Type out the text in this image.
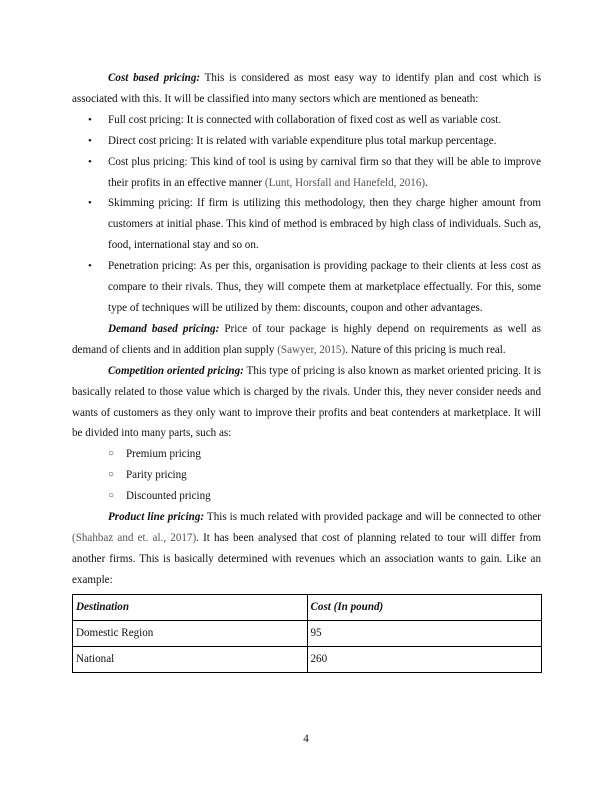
Cost based pricing: This is considered as most easy way to identify plan and cost which is associated with this. It will be classified into many sectors which are mentioned as beneath:

• Full cost pricing: It is connected with collaboration of fixed cost as well as variable cost.
• Direct cost pricing: It is related with variable expenditure plus total markup percentage.
• Cost plus pricing: This kind of tool is using by carnival firm so that they will be able to improve their profits in an effective manner (Lunt, Horsfall and Hanefeld, 2016).
• Skimming pricing: If firm is utilizing this methodology, then they charge higher amount from customers at initial phase. This kind of method is embraced by high class of individuals. Such as, food, international stay and so on.
• Penetration pricing: As per this, organisation is providing package to their clients at less cost as compare to their rivals. Thus, they will compete them at marketplace effectually. For this, some type of techniques will be utilized by them: discounts, coupon and other advantages.

Demand based pricing: Price of tour package is highly depend on requirements as well as demand of clients and in addition plan supply (Sawyer, 2015). Nature of this pricing is much real.

Competition oriented pricing: This type of pricing is also known as market oriented pricing. It is basically related to those value which is charged by the rivals. Under this, they never consider needs and wants of customers as they only want to improve their profits and beat contenders at marketplace. It will be divided into many parts, such as:

○ Premium pricing
○ Parity pricing
○ Discounted pricing

Product line pricing: This is much related with provided package and will be connected to other (Shahbaz and et. al., 2017). It has been analysed that cost of planning related to tour will differ from another firms. This is basically determined with revenues which an association wants to gain. Like an example:

Destination	Cost (In pound)
Domestic Region	95
National	260
4
